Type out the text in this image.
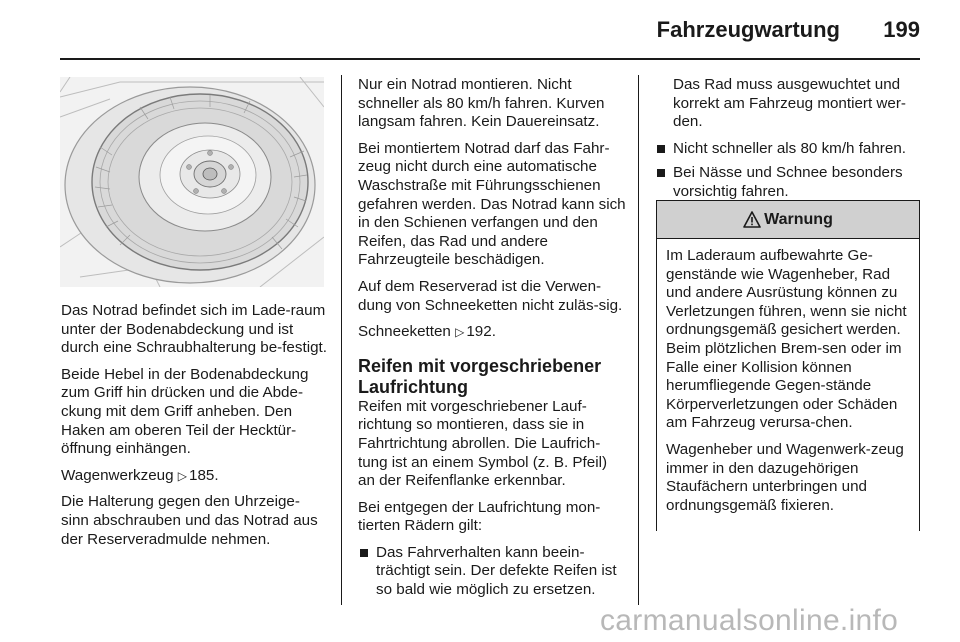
Fahrzeugwartung 199

Das Notrad befindet sich im Lade-raum unter der Bodenabdeckung und ist durch eine Schraubhalterung be-festigt.

Beide Hebel in der Bodenabdeckung zum Griff hin drücken und die Abde-ckung mit dem Griff anheben. Den Haken am oberen Teil der Hecktür-öffnung einhängen.

Wagenwerkzeug ▷ 185.

Die Halterung gegen den Uhrzeige-sinn abschrauben und das Notrad aus der Reserveradmulde nehmen.

Nur ein Notrad montieren. Nicht schneller als 80 km/h fahren. Kurven langsam fahren. Kein Dauereinsatz.

Bei montiertem Notrad darf das Fahr-zeug nicht durch eine automatische Waschstraße mit Führungsschienen gefahren werden. Das Notrad kann sich in den Schienen verfangen und den Reifen, das Rad und andere Fahrzeugteile beschädigen.

Auf dem Reserverad ist die Verwen-dung von Schneeketten nicht zuläs-sig.

Schneeketten ▷ 192.

Reifen mit vorgeschriebener Laufrichtung

Reifen mit vorgeschriebener Lauf-richtung so montieren, dass sie in Fahrtrichtung abrollen. Die Laufrich-tung ist an einem Symbol (z. B. Pfeil) an der Reifenflanke erkennbar.

Bei entgegen der Laufrichtung mon-tierten Rädern gilt:

Das Fahrverhalten kann beein-trächtigt sein. Der defekte Reifen ist so bald wie möglich zu ersetzen.

Das Rad muss ausgewuchtet und korrekt am Fahrzeug montiert wer-den.

Nicht schneller als 80 km/h fahren.
Bei Nässe und Schnee besonders vorsichtig fahren.
Warnung

Im Laderaum aufbewahrte Ge-genstände wie Wagenheber, Rad und andere Ausrüstung können zu Verletzungen führen, wenn sie nicht ordnungsgemäß gesichert werden. Beim plötzlichen Brem-sen oder im Falle einer Kollision können herumfliegende Gegen-stände Körperverletzungen oder Schäden am Fahrzeug verursa-chen.

Wagenheber und Wagenwerk-zeug immer in den dazugehörigen Staufächern unterbringen und ordnungsgemäß fixieren.

carmanualsonline.info
